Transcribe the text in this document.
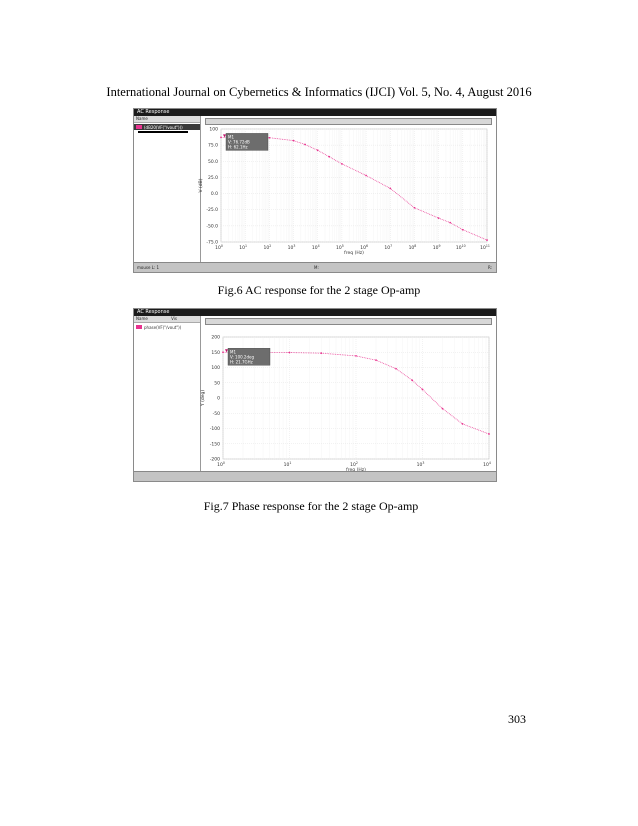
International Journal on Cybernetics & Informatics (IJCI) Vol. 5, No. 4, August 2016
AC Response
Name
(dB20(VF("/vout")))
$10^0$	$10^1$	$10^2$	$10^3$	$10^4$	$10^5$	$10^6$	$10^7$	$10^8$	$10^9$	$10^{10}$	$10^{11}$
100
75.0
50.0
25.0
0.0
-25.0
-50.0
-75.0
freq (Hz)
V (dB)
M1
V: 76.72dB
H: 62.1Hz
mouse L: 1	M:	R:
Fig.6 AC response for the 2 stage Op-amp
AC Response
Name	Vis
phase(VF("/vout"))
$10^0$	$10^1$	$10^2$	$10^3$	$10^4$
200
150
100
50
0
-50
-100
-150
-200
Y (deg)
M1
V: 100.2deg
H: 21.7GHz
Fig.7 Phase response for the 2 stage Op-amp
303
